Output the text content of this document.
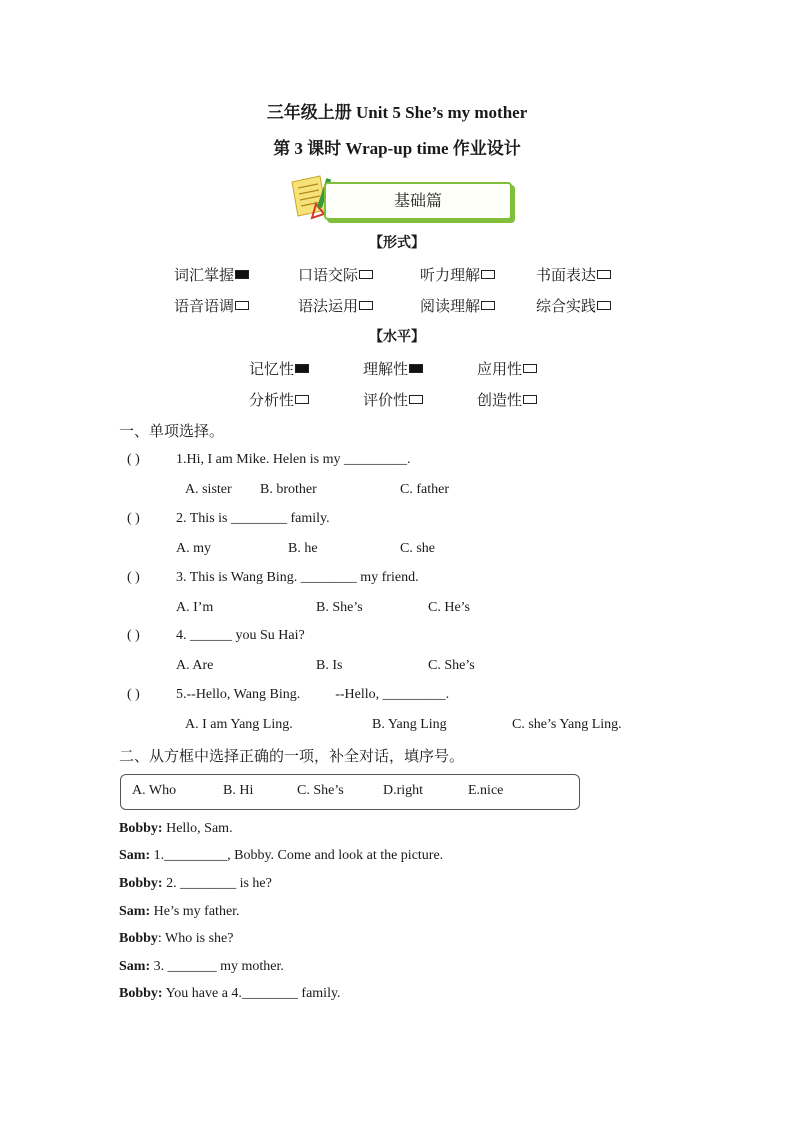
三年级上册 Unit 5 She’s my mother
第 3 课时 Wrap-up time 作业设计
基础篇
【形式】
词汇掌握	口语交际	听力理解	书面表达
语音语调	语法运用	阅读理解	综合实践
【水平】
记忆性	理解性	应用性
分析性	评价性	创造性
一、单项选择。
( )	1.Hi, I am Mike. Helen is my _________.
A. sister B. brother	C. father
( )	2. This is ________ family.
A. my	B. he	C. she
( )	3. This is Wang Bing. ________ my friend.
A. I’m	B. She’s	C. He’s
( )	4. ______ you Su Hai?
A. Are	B. Is	C. She’s
( )	5.--Hello, Wang Bing.          --Hello, _________.
A. I am Yang Ling.	B. Yang Ling	C. she’s Yang Ling.
二、从方框中选择正确的一项，补全对话，填序号。
A. Who	B. Hi	C. She’s	D.right	E.nice
Bobby: Hello, Sam.
Sam: 1._________, Bobby. Come and look at the picture.
Bobby: 2. ________ is he?
Sam: He’s my father.
Bobby: Who is she?
Sam: 3. _______ my mother.
Bobby: You have a 4.________ family.
